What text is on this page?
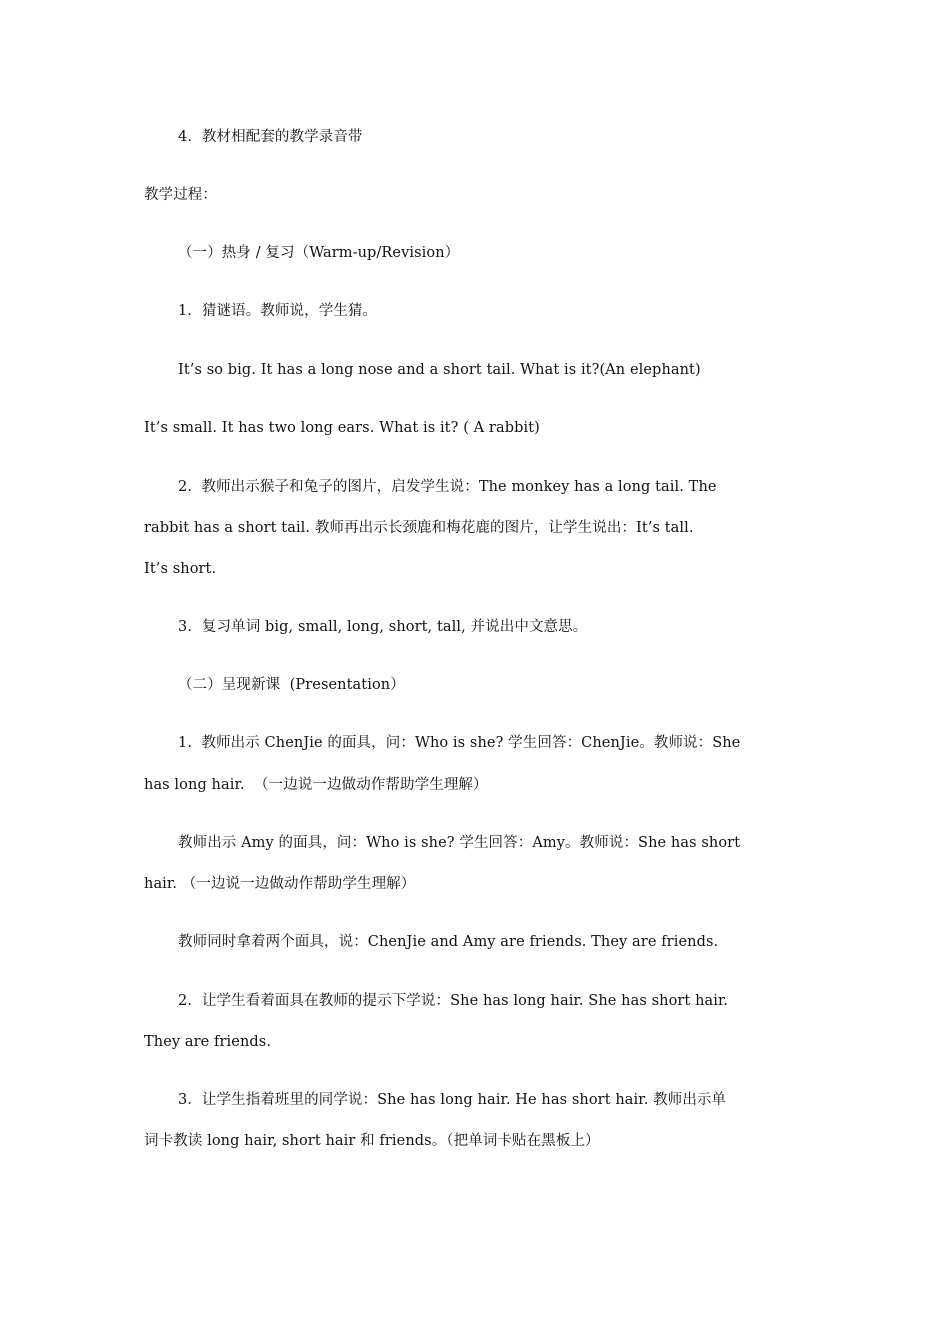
4．教材相配套的教学录音带
教学过程：
（一）热身 / 复习（Warm-up/Revision）
1．猜谜语。教师说，学生猜。
It’s so big. It has a long nose and a short tail. What is it?(An elephant)
It’s small. It has two long ears. What is it? ( A rabbit)
2.  教师出示猴子和兔子的图片，启发学生说：The monkey has a long tail. The
rabbit has a short tail. 教师再出示长颈鹿和梅花鹿的图片，让学生说出：It’s tall.
It’s short.
3．复习单词 big, small, long, short, tall, 并说出中文意思。
（二）呈现新课  (Presentation）
1.  教师出示 ChenJie 的面具，问：Who is she? 学生回答：ChenJie。教师说：She
has long hair.  （一边说一边做动作帮助学生理解）
教师出示 Amy 的面具，问：Who is she? 学生回答：Amy。教师说：She has short
hair. （一边说一边做动作帮助学生理解）
教师同时拿着两个面具，说：ChenJie and Amy are friends. They are friends.
2．让学生看着面具在教师的提示下学说：She has long hair. She has short hair.
They are friends.
3．让学生指着班里的同学说：She has long hair. He has short hair. 教师出示单
词卡教读 long hair, short hair 和 friends。（把单词卡贴在黑板上）
